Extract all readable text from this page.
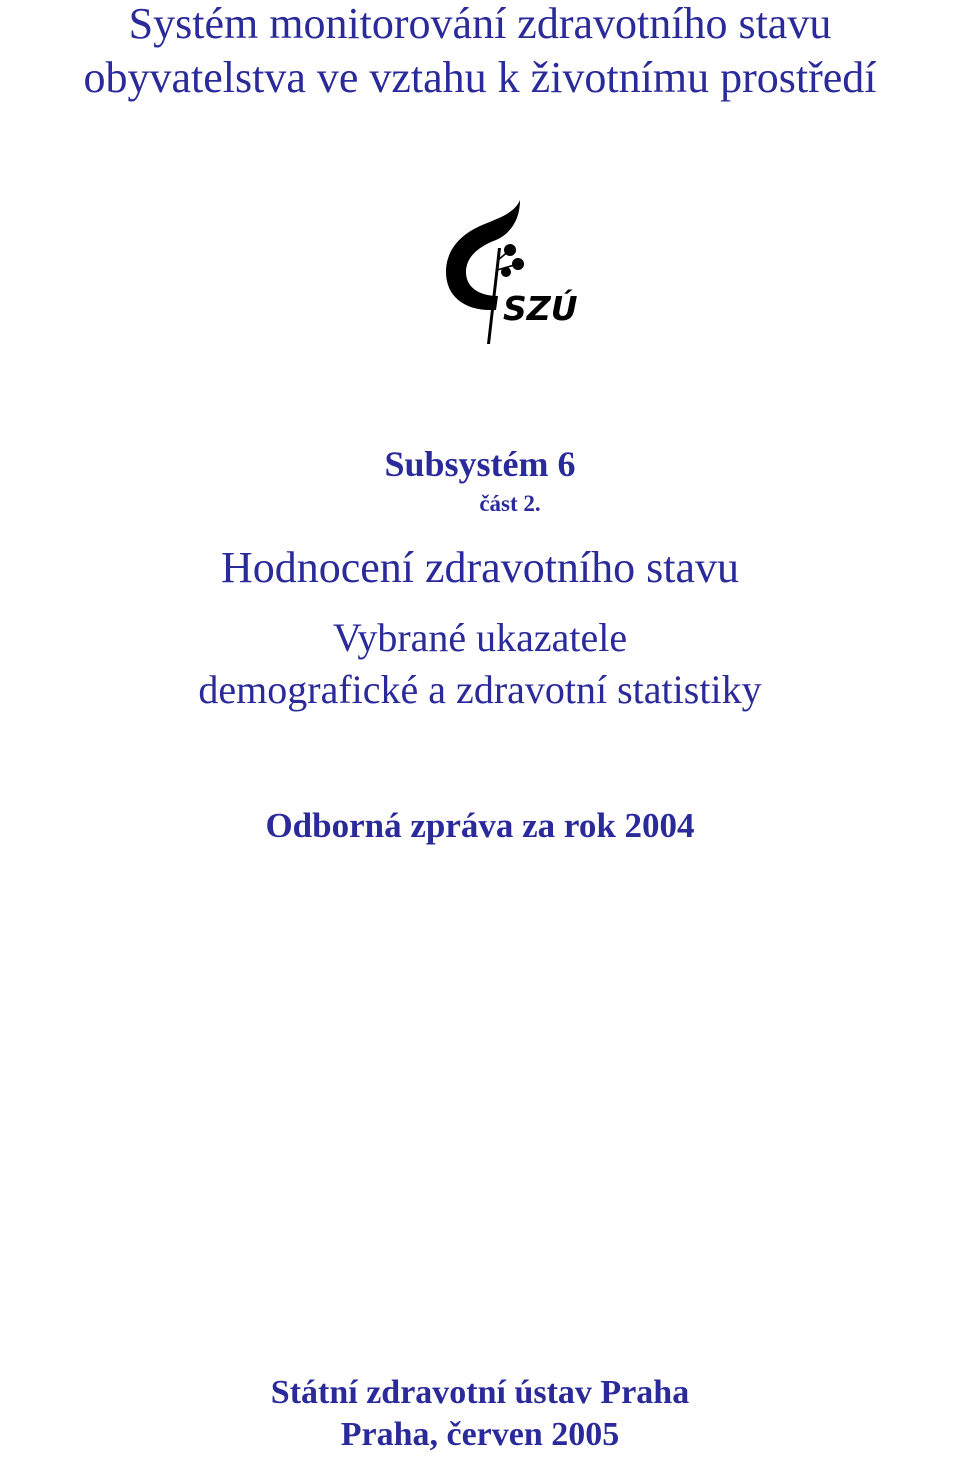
Systém monitorování zdravotního stavu
obyvatelstva ve vztahu k životnímu prostředí
SZÚ
Subsystém 6
část 2.
Hodnocení zdravotního stavu
Vybrané ukazatele
demografické a zdravotní statistiky
Odborná zpráva za rok 2004
Státní zdravotní ústav Praha
Praha, červen 2005
